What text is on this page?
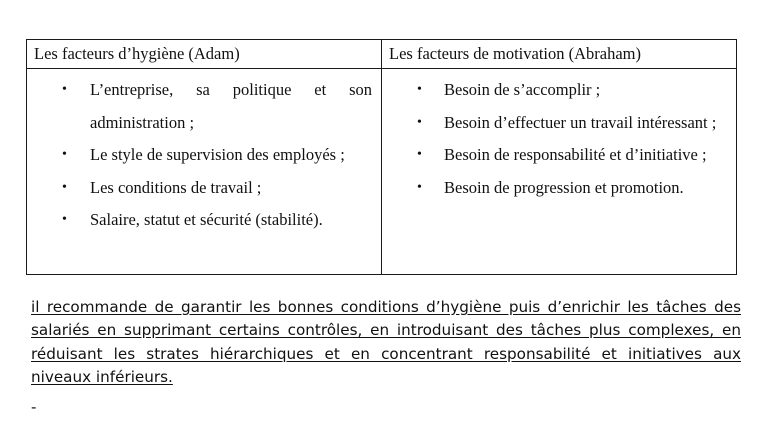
Les facteurs d’hygiène (Adam)	Les facteurs de motivation (Abraham)
• L’entreprise, sa politique et son administration ;
• Le style de supervision des employés ;
• Les conditions de travail ;
• Salaire, statut et sécurité (stabilité).
• Besoin de s’accomplir ;
• Besoin d’effectuer un travail intéressant ;
• Besoin de responsabilité et d’initiative ;
• Besoin de progression et promotion.

il recommande de garantir les bonnes conditions d’hygiène puis d’enrichir les tâches des salariés en supprimant certains contrôles, en introduisant des tâches plus complexes, en réduisant les strates hiérarchiques et en concentrant responsabilité et initiatives aux niveaux inférieurs.

-
